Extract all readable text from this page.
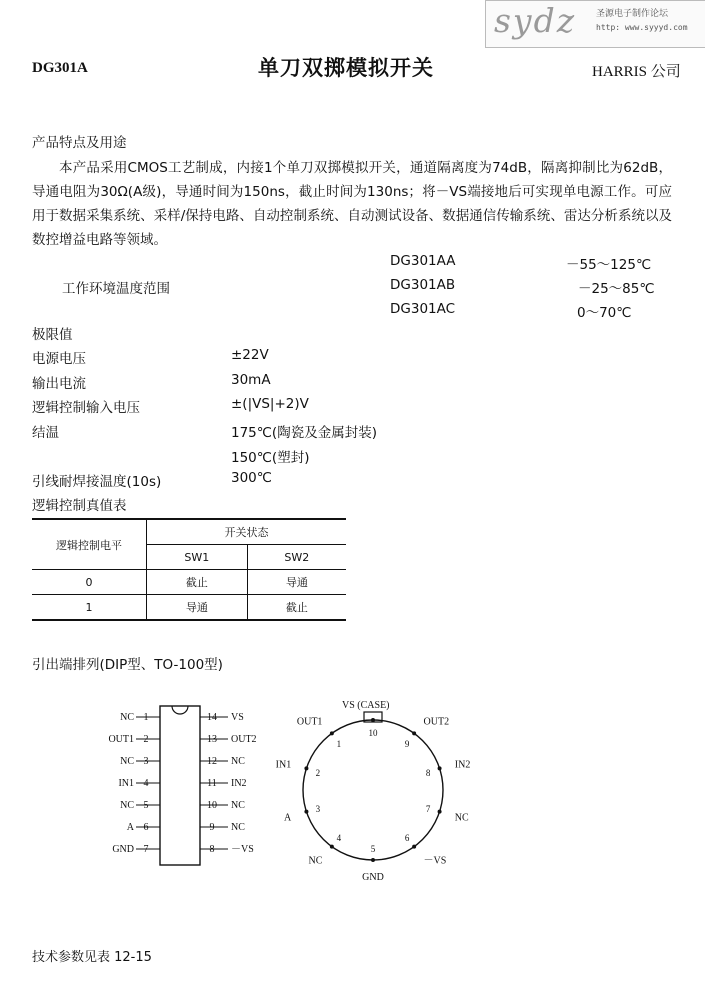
sydz 圣源电子制作论坛
http: www.syyyd.com
DG301A	单刀双掷模拟开关	HARRIS 公司
产品特点及用途
本产品采用CMOS工艺制成，内接1个单刀双掷模拟开关，通道隔离度为74dB，隔离抑制比为62dB，导通电阻为30Ω(A级)，导通时间为150ns，截止时间为130ns；将－VS端接地后可实现单电源工作。可应用于数据采集系统、采样/保持电路、自动控制系统、自动测试设备、数据通信传输系统、雷达分析系统以及数控增益电路等领域。
工作环境温度范围
DG301AA	－55～125℃
DG301AB	－25～85℃
DG301AC	0～70℃
极限值
电源电压	±22V
输出电流	30mA
逻辑控制输入电压	±(|VS|+2)V
结温	175℃(陶瓷及金属封装)
150℃(塑封)
引线耐焊接温度(10s)	300℃
逻辑控制真值表
逻辑控制电平	开关状态	
	SW1	SW2
0	截止	导通
1	导通	截止
引出端排列(DIP型、TO-100型)
NC 1
OUT1 2
NC 3
IN1 4
NC 5
A 6
GND 7
14 VS
13 OUT2
12 NC
11 IN2
10 NC
9 NC
8 －VS
VS (CASE)
10
9
OUT2
8
IN2
7
NC
6
－VS
5
GND
4
NC
3
A
2
IN1
1
OUT1
技术参数见表 12-15
